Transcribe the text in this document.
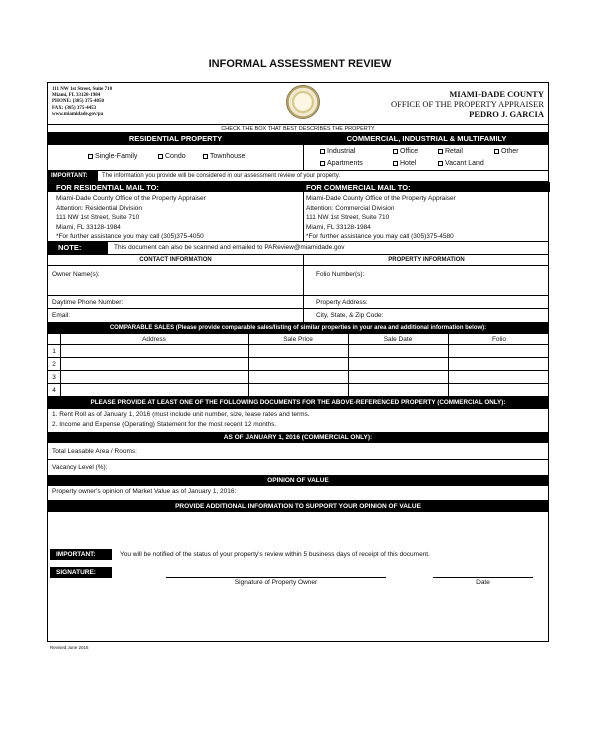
INFORMAL ASSESSMENT REVIEW
111 NW 1st Street, Suite 710
Miami, FL 33128-1984
PHONE: (305) 375-4050
FAX: (305) 375-4453
www.miamidade.gov/pa
MIAMI-DADE COUNTY
OFFICE OF THE PROPERTY APPRAISER
PEDRO J. GARCIA
CHECK THE BOX THAT BEST DESCRIBES THE PROPERTY
RESIDENTIAL PROPERTY	COMMERCIAL, INDUSTRIAL & MULTIFAMILY
Single-Family	Condo	Townhouse
Industrial	Office	Retail	Other
Apartments	Hotel	Vacant Land
IMPORTANT:	The information you provide will be considered in our assessment review of your property.
FOR RESIDENTIAL MAIL TO:	FOR COMMERCIAL MAIL TO:
Miami-Dade County Office of the Property Appraiser
Attention: Residential Division
111 NW 1st Street, Suite 710
Miami, FL 33128-1984
*For further assistance you may call (305)375-4050
Miami-Dade County Office of the Property Appraiser
Attention: Commercial Division
111 NW 1st Street, Suite 710
Miami, FL 33128-1984
*For further assistance you may call (305)375-4580
NOTE:	This document can also be scanned and emailed to PAReview@miamidade.gov
CONTACT INFORMATION	PROPERTY INFORMATION
Owner Name(s):	Folio Number(s):
Daytime Phone Number:	Property Address:
Email:	City, State, & Zip Code:
COMPARABLE SALES (Please provide comparable sales/listing of similar properties in your area and additional information below):
Address	Sale Price	Sale Date	Folio
1
2
3
4
PLEASE PROVIDE AT LEAST ONE OF THE FOLLOWING DOCUMENTS FOR THE ABOVE-REFERENCED PROPERTY (COMMERCIAL ONLY):
1. Rent Roll as of January 1, 2016 (must include unit number, size, lease rates and terms.
2. Income and Expense (Operating) Statement for the most recent 12 months.
AS OF JANUARY 1, 2016 (COMMERCIAL ONLY):
Total Leasable Area / Rooms:
Vacancy Level (%):
OPINION OF VALUE
Property owner's opinion of Market Value as of January 1, 2016:
PROVIDE ADDITIONAL INFORMATION TO SUPPORT YOUR OPINION OF VALUE
IMPORTANT:	You will be notified of the status of your property's review within 5 business days of receipt of this document.
SIGNATURE:
Signature of Property Owner	Date
Revised June 2016
